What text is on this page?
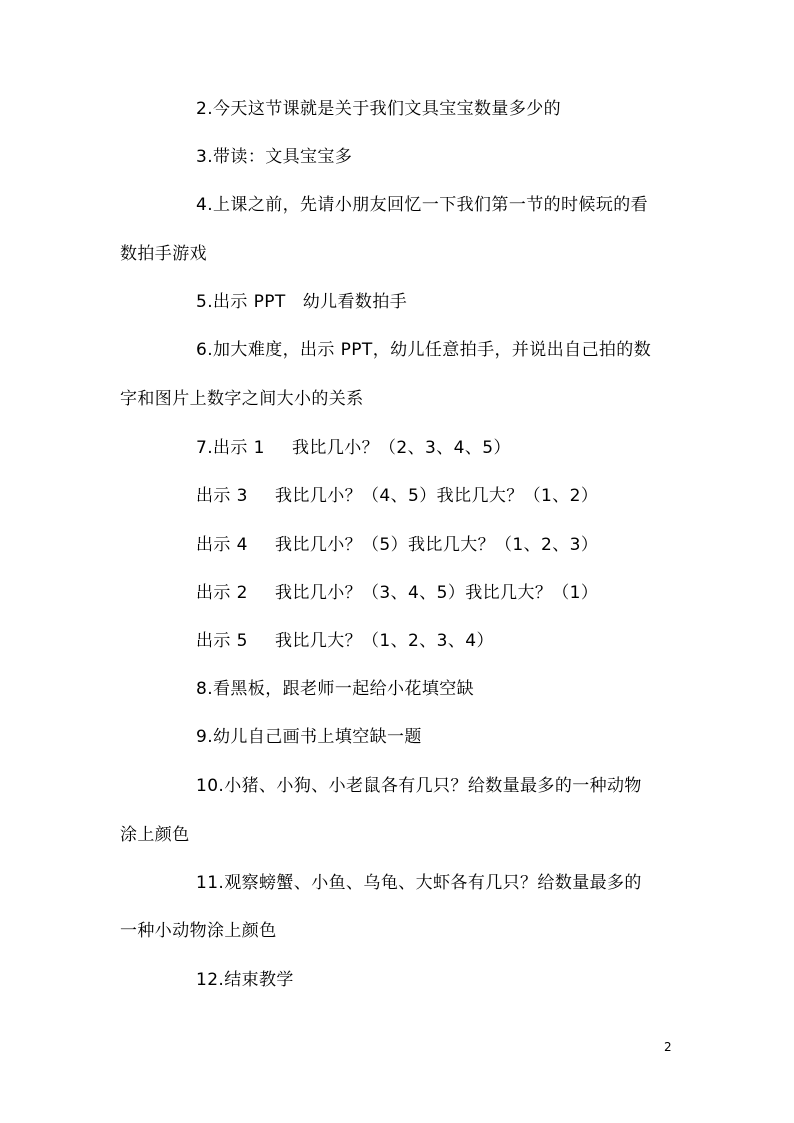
2.今天这节课就是关于我们文具宝宝数量多少的
3.带读：文具宝宝多
4.上课之前，先请小朋友回忆一下我们第一节的时候玩的看
数拍手游戏
5.出示 PPT 幼儿看数拍手
6.加大难度，出示 PPT，幼儿任意拍手，并说出自己拍的数
字和图片上数字之间大小的关系
7.出示 1 我比几小？（2、3、4、5）
出示 3 我比几小？（4、5）我比几大？（1、2）
出示 4 我比几小？（5）我比几大？（1、2、3）
出示 2 我比几小？（3、4、5）我比几大？（1）
出示 5 我比几大？（1、2、3、4）
8.看黑板，跟老师一起给小花填空缺
9.幼儿自己画书上填空缺一题
10.小猪、小狗、小老鼠各有几只？给数量最多的一种动物
涂上颜色
11.观察螃蟹、小鱼、乌龟、大虾各有几只？给数量最多的
一种小动物涂上颜色
12.结束教学
2
